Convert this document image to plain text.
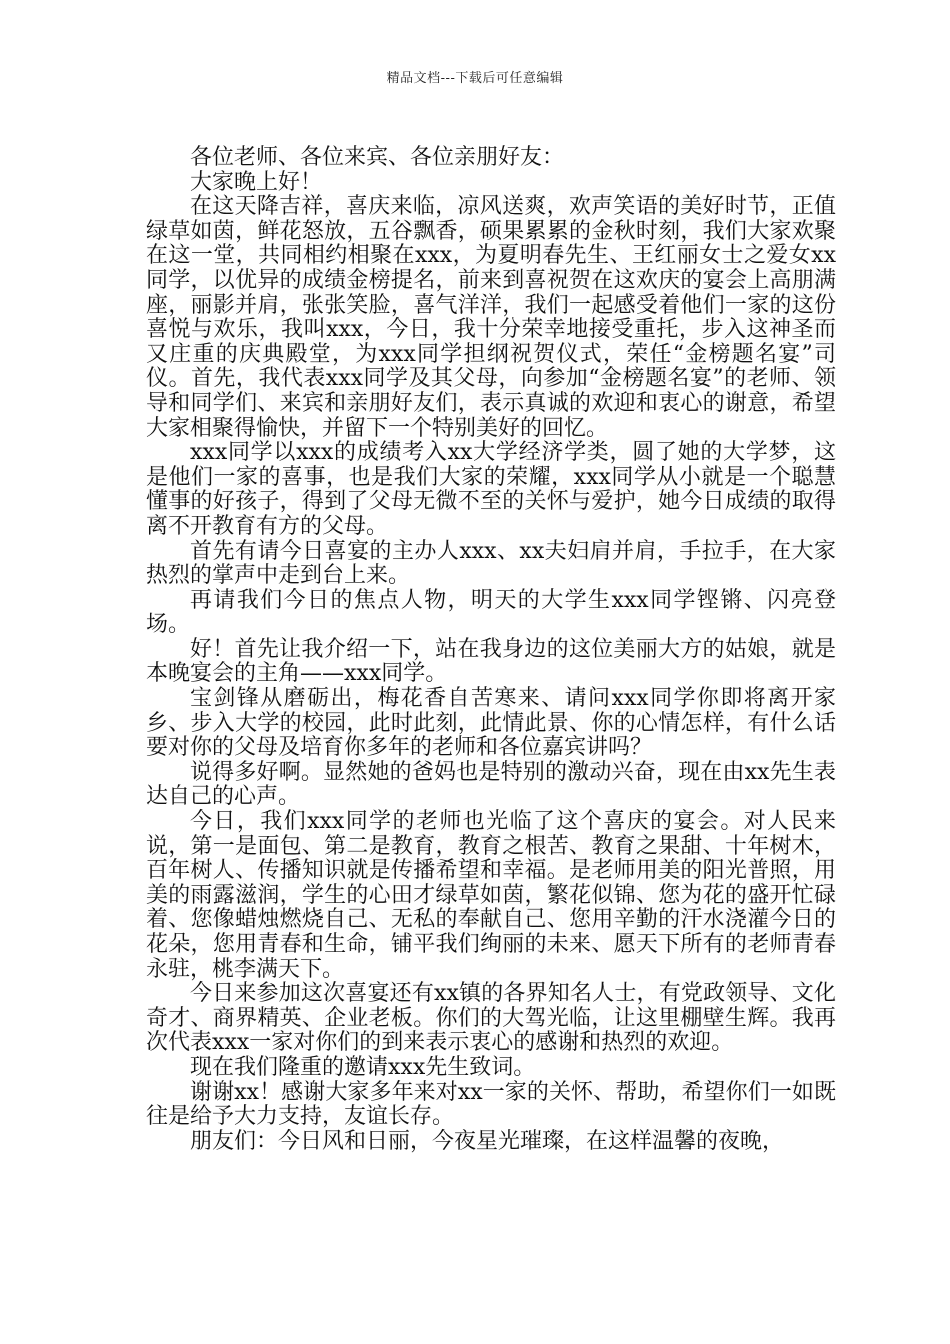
精品文档---下载后可任意编辑

各位老师、各位来宾、各位亲朋好友：

大家晚上好！

在这天降吉祥，喜庆来临，凉风送爽，欢声笑语的美好时节，正值绿草如茵，鲜花怒放，五谷飘香，硕果累累的金秋时刻，我们大家欢聚在这一堂，共同相约相聚在xxx，为夏明春先生、王红丽女士之爱女xx同学，以优异的成绩金榜提名，前来到喜祝贺在这欢庆的宴会上高朋满座，丽影并肩，张张笑脸，喜气洋洋，我们一起感受着他们一家的这份喜悦与欢乐，我叫xxx，今日，我十分荣幸地接受重托，步入这神圣而又庄重的庆典殿堂，为xxx同学担纲祝贺仪式，荣任“金榜题名宴”司仪。首先，我代表xxx同学及其父母，向参加“金榜题名宴”的老师、领导和同学们、来宾和亲朋好友们，表示真诚的欢迎和衷心的谢意，希望大家相聚得愉快，并留下一个特别美好的回忆。

xxx同学以xxx的成绩考入xx大学经济学类，圆了她的大学梦，这是他们一家的喜事，也是我们大家的荣耀，xxx同学从小就是一个聪慧懂事的好孩子，得到了父母无微不至的关怀与爱护，她今日成绩的取得离不开教育有方的父母。

首先有请今日喜宴的主办人xxx、xx夫妇肩并肩，手拉手，在大家热烈的掌声中走到台上来。

再请我们今日的焦点人物，明天的大学生xxx同学铿锵、闪亮登场。

好！首先让我介绍一下，站在我身边的这位美丽大方的姑娘，就是本晚宴会的主角——xxx同学。

宝剑锋从磨砺出，梅花香自苦寒来、请问xxx同学你即将离开家乡、步入大学的校园，此时此刻，此情此景、你的心情怎样，有什么话要对你的父母及培育你多年的老师和各位嘉宾讲吗？

说得多好啊。显然她的爸妈也是特别的激动兴奋，现在由xx先生表达自己的心声。

今日，我们xxx同学的老师也光临了这个喜庆的宴会。对人民来说，第一是面包、第二是教育，教育之根苦、教育之果甜、十年树木，百年树人、传播知识就是传播希望和幸福。是老师用美的阳光普照，用美的雨露滋润，学生的心田才绿草如茵，繁花似锦、您为花的盛开忙碌着、您像蜡烛燃烧自己、无私的奉献自己、您用辛勤的汗水浇灌今日的花朵，您用青春和生命，铺平我们绚丽的未来、愿天下所有的老师青春永驻，桃李满天下。

今日来参加这次喜宴还有xx镇的各界知名人士，有党政领导、文化奇才、商界精英、企业老板。你们的大驾光临，让这里棚壁生辉。我再次代表xxx一家对你们的到来表示衷心的感谢和热烈的欢迎。

现在我们隆重的邀请xxx先生致词。

谢谢xx！感谢大家多年来对xx一家的关怀、帮助，希望你们一如既往是给予大力支持，友谊长存。

朋友们：今日风和日丽，今夜星光璀璨，在这样温馨的夜晚，
